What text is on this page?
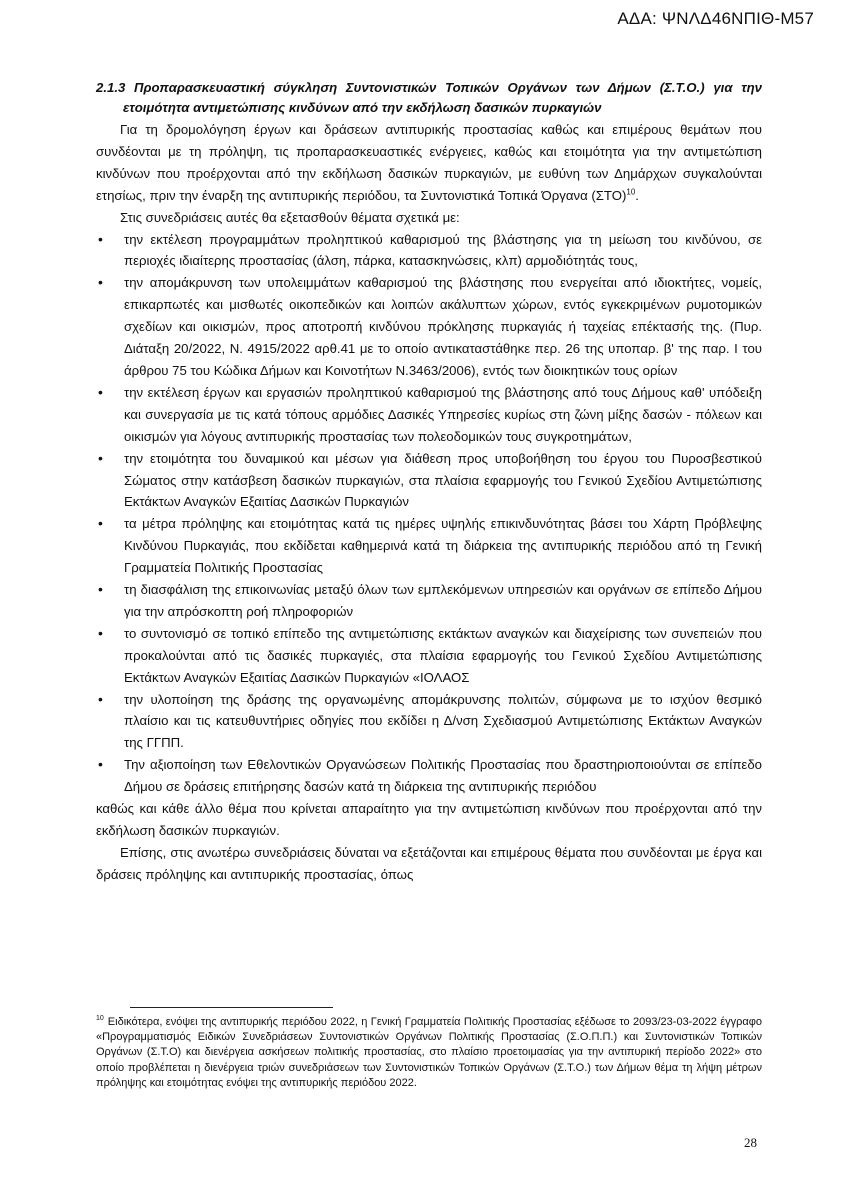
ΑΔΑ: ΨΝΛΔ46ΝΠΙΘ-Μ57

2.1.3 Προπαρασκευαστική σύγκληση Συντονιστικών Τοπικών Οργάνων των Δήμων (Σ.Τ.Ο.) για την ετοιμότητα αντιμετώπισης κινδύνων από την εκδήλωση δασικών πυρκαγιών

Για τη δρομολόγηση έργων και δράσεων αντιπυρικής προστασίας καθώς και επιμέρους θεμάτων που συνδέονται με τη πρόληψη, τις προπαρασκευαστικές ενέργειες, καθώς και ετοιμότητα για την αντιμετώπιση κινδύνων που προέρχονται από την εκδήλωση δασικών πυρκαγιών, με ευθύνη των Δημάρχων συγκαλούνται ετησίως, πριν την έναρξη της αντιπυρικής περιόδου, τα Συντονιστικά Τοπικά Όργανα $(\Sigma TO)^{10}$.

Στις συνεδριάσεις αυτές θα εξετασθούν θέματα σχετικά με:

• την εκτέλεση προγραμμάτων προληπτικού καθαρισμού της βλάστησης για τη μείωση του κινδύνου, σε περιοχές ιδιαίτερης προστασίας (άλση, πάρκα, κατασκηνώσεις, κλπ) αρμοδιότητάς τους,
• την απομάκρυνση των υπολειμμάτων καθαρισμού της βλάστησης που ενεργείται από ιδιοκτήτες, νομείς, επικαρπωτές και μισθωτές οικοπεδικών και λοιπών ακάλυπτων χώρων, εντός εγκεκριμένων ρυμοτομικών σχεδίων και οικισμών, προς αποτροπή κινδύνου πρόκλησης πυρκαγιάς ή ταχείας επέκτασής της. (Πυρ. Διάταξη 20/2022, Ν. 4915/2022 αρθ.41 με το οποίο αντικαταστάθηκε περ. 26 της υποπαρ. β' της παρ. Ι του άρθρου 75 του Κώδικα Δήμων και Κοινοτήτων Ν.3463/2006), εντός των διοικητικών τους ορίων
• την εκτέλεση έργων και εργασιών προληπτικού καθαρισμού της βλάστησης από τους Δήμους καθ' υπόδειξη και συνεργασία με τις κατά τόπους αρμόδιες Δασικές Υπηρεσίες κυρίως στη ζώνη μίξης δασών - πόλεων και οικισμών για λόγους αντιπυρικής προστασίας των πολεοδομικών τους συγκροτημάτων,
• την ετοιμότητα του δυναμικού και μέσων για διάθεση προς υποβοήθηση του έργου του Πυροσβεστικού Σώματος στην κατάσβεση δασικών πυρκαγιών, στα πλαίσια εφαρμογής του Γενικού Σχεδίου Αντιμετώπισης Εκτάκτων Αναγκών Εξαιτίας Δασικών Πυρκαγιών
• τα μέτρα πρόληψης και ετοιμότητας κατά τις ημέρες υψηλής επικινδυνότητας βάσει του Χάρτη Πρόβλεψης Κινδύνου Πυρκαγιάς, που εκδίδεται καθημερινά κατά τη διάρκεια της αντιπυρικής περιόδου από τη Γενική Γραμματεία Πολιτικής Προστασίας
• τη διασφάλιση της επικοινωνίας μεταξύ όλων των εμπλεκόμενων υπηρεσιών και οργάνων σε επίπεδο Δήμου για την απρόσκοπτη ροή πληροφοριών
• το συντονισμό σε τοπικό επίπεδο της αντιμετώπισης εκτάκτων αναγκών και διαχείρισης των συνεπειών που προκαλούνται από τις δασικές πυρκαγιές, στα πλαίσια εφαρμογής του Γενικού Σχεδίου Αντιμετώπισης Εκτάκτων Αναγκών Εξαιτίας Δασικών Πυρκαγιών «ΙΟΛΑΟΣ
• την υλοποίηση της δράσης της οργανωμένης απομάκρυνσης πολιτών, σύμφωνα με το ισχύον θεσμικό πλαίσιο και τις κατευθυντήριες οδηγίες που εκδίδει η Δ/νση Σχεδιασμού Αντιμετώπισης Εκτάκτων Αναγκών της ΓΓΠΠ.
• Την αξιοποίηση των Εθελοντικών Οργανώσεων Πολιτικής Προστασίας που δραστηριοποιούνται σε επίπεδο Δήμου σε δράσεις επιτήρησης δασών κατά τη διάρκεια της αντιπυρικής περιόδου

καθώς και κάθε άλλο θέμα που κρίνεται απαραίτητο για την αντιμετώπιση κινδύνων που προέρχονται από την εκδήλωση δασικών πυρκαγιών.

Επίσης, στις ανωτέρω συνεδριάσεις δύναται να εξετάζονται και επιμέρους θέματα που συνδέονται με έργα και δράσεις πρόληψης και αντιπυρικής προστασίας, όπως

$^{10}$ Ειδικότερα, ενόψει της αντιπυρικής περιόδου 2022, η Γενική Γραμματεία Πολιτικής Προστασίας εξέδωσε το 2093/23-03-2022 έγγραφο «Προγραμματισμός Ειδικών Συνεδριάσεων Συντονιστικών Οργάνων Πολιτικής Προστασίας (Σ.Ο.Π.Π.) και Συντονιστικών Τοπικών Οργάνων (Σ.Τ.Ο) και διενέργεια ασκήσεων πολιτικής προστασίας, στο πλαίσιο προετοιμασίας για την αντιπυρική περίοδο 2022» στο οποίο προβλέπεται η διενέργεια τριών συνεδριάσεων των Συντονιστικών Τοπικών Οργάνων (Σ.Τ.Ο.) των Δήμων θέμα τη λήψη μέτρων πρόληψης και ετοιμότητας ενόψει της αντιπυρικής περιόδου 2022.
28
